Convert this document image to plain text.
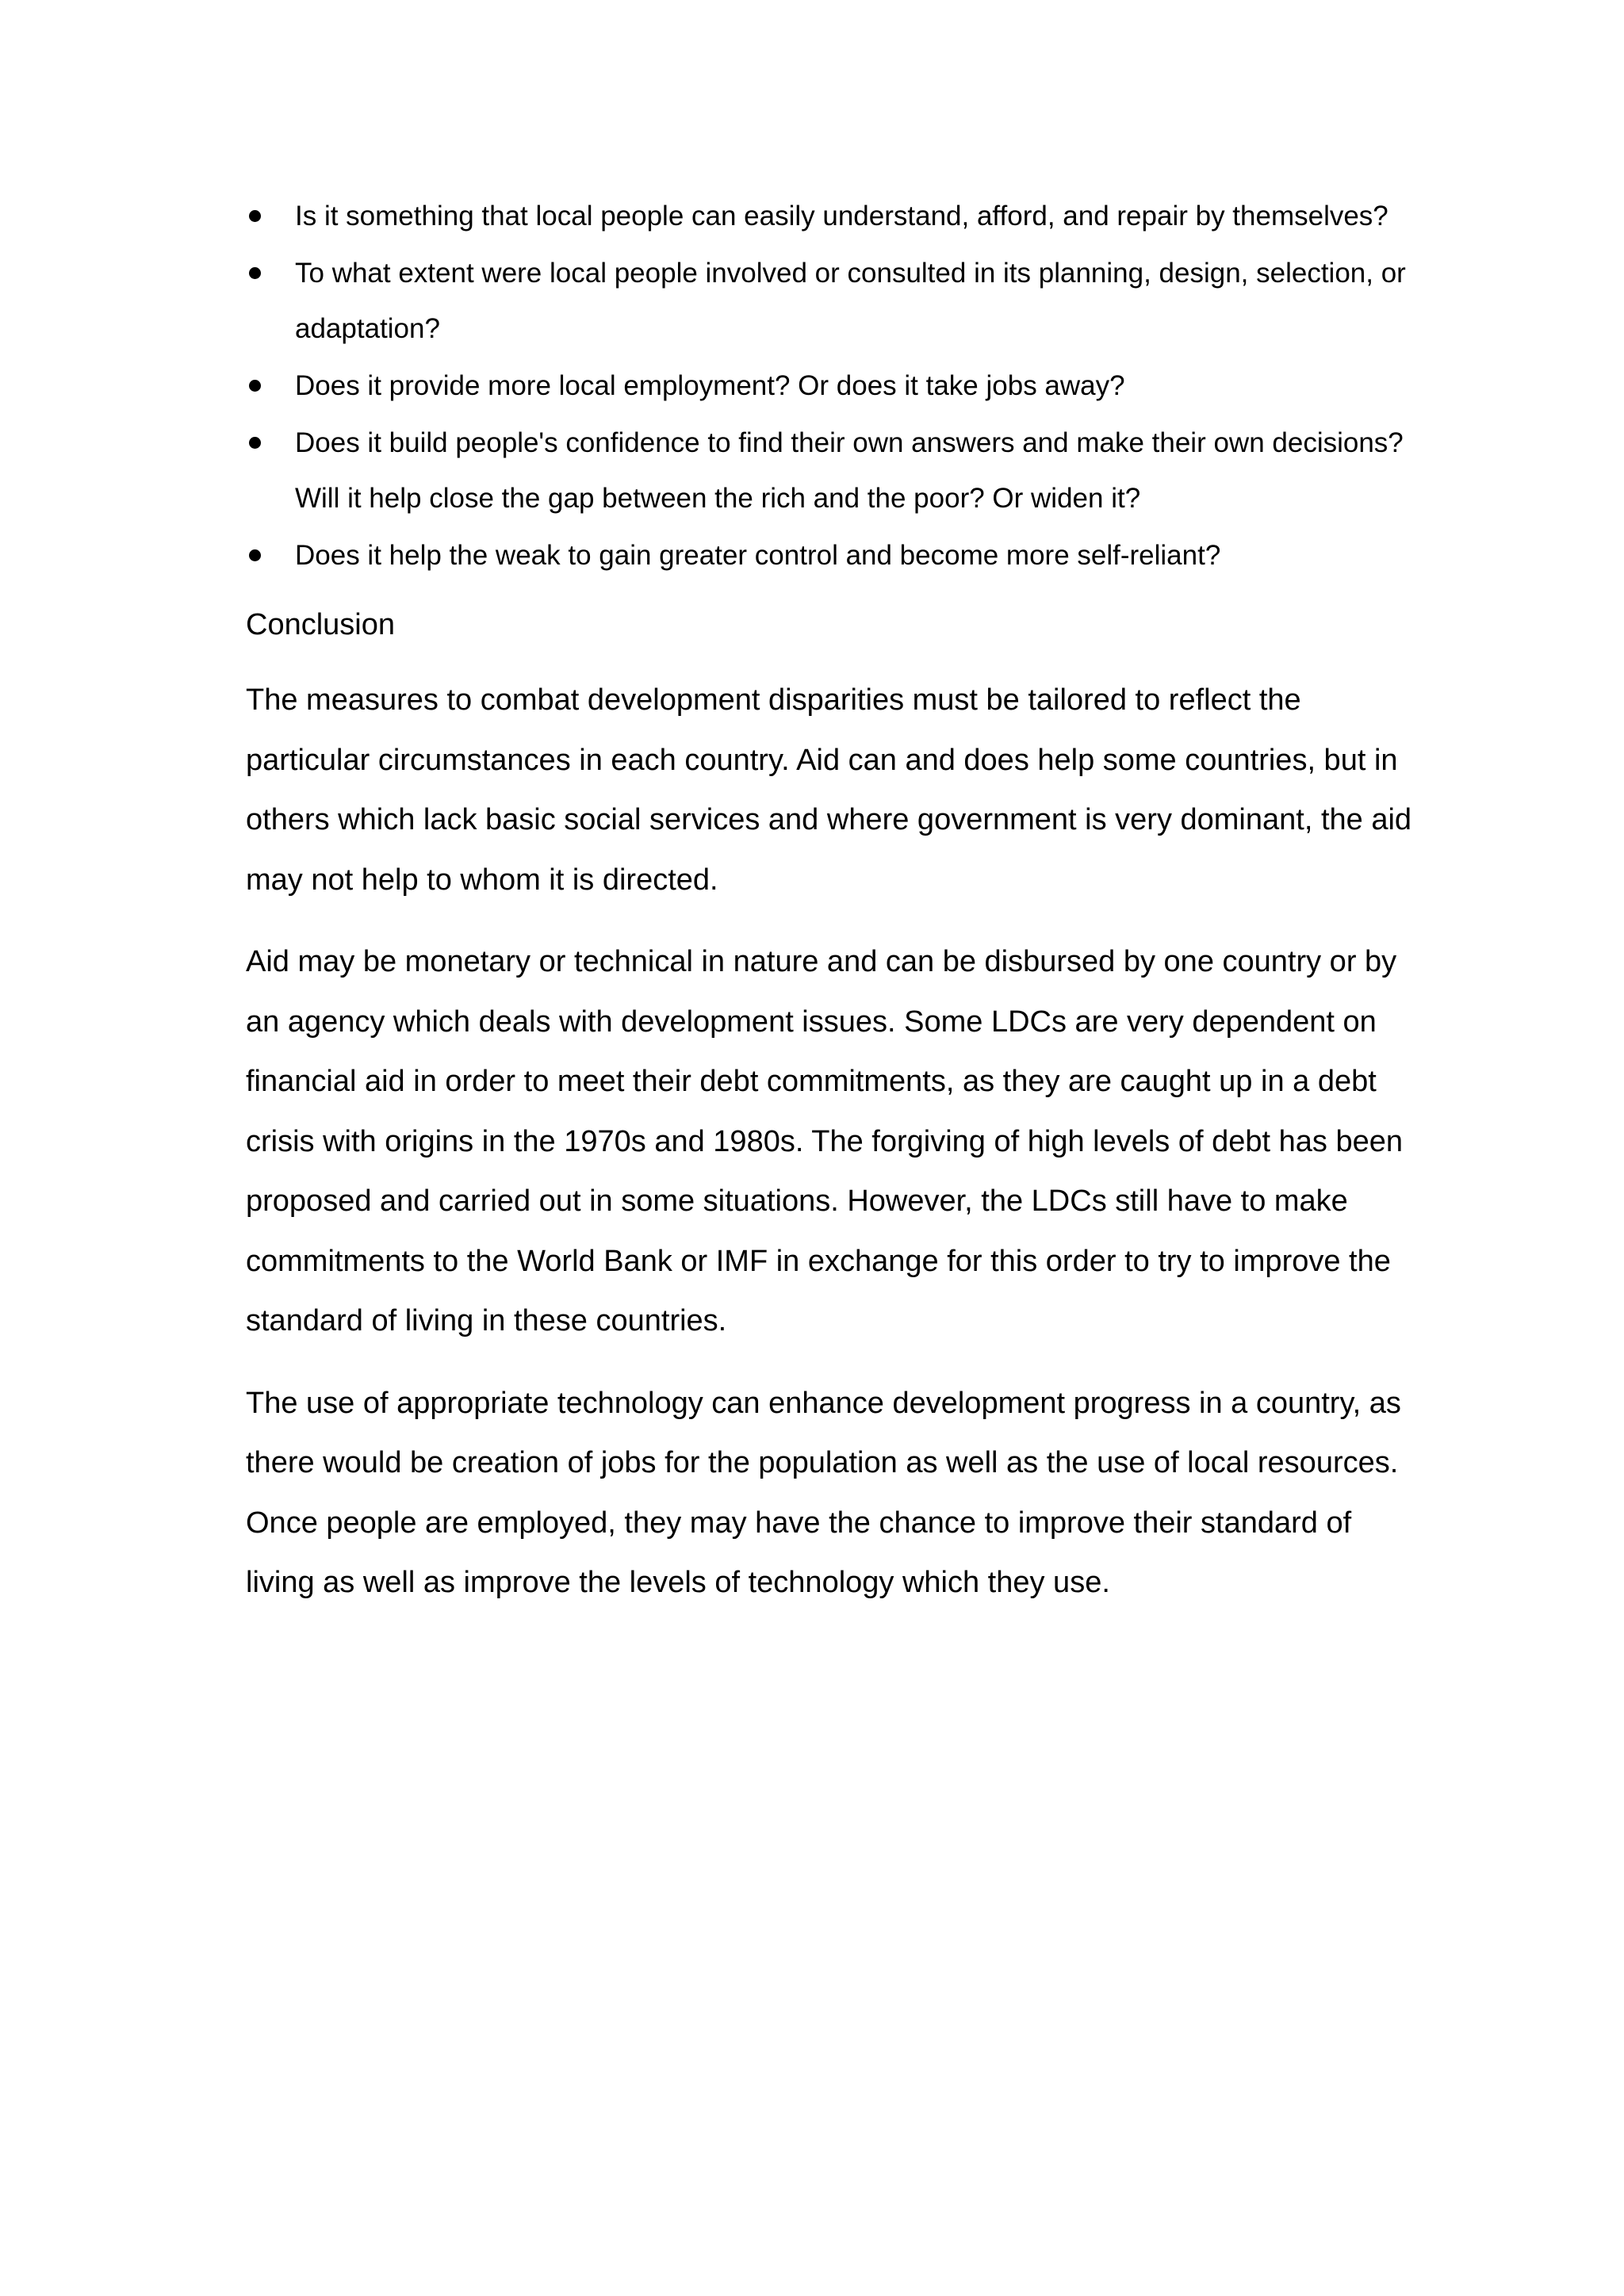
Is it something that local people can easily understand, afford, and repair by themselves?
To what extent were local people involved or consulted in its planning, design, selection, or adaptation?
Does it provide more local employment? Or does it take jobs away?
Does it build people's confidence to find their own answers and make their own decisions? Will it help close the gap between the rich and the poor? Or widen it?
Does it help the weak to gain greater control and become more self-reliant?
Conclusion

The measures to combat development disparities must be tailored to reflect the particular circumstances in each country. Aid can and does help some countries, but in others which lack basic social services and where government is very dominant, the aid may not help to whom it is directed.

Aid may be monetary or technical in nature and can be disbursed by one country or by an agency which deals with development issues. Some LDCs are very dependent on financial aid in order to meet their debt commitments, as they are caught up in a debt crisis with origins in the 1970s and 1980s. The forgiving of high levels of debt has been proposed and carried out in some situations. However, the LDCs still have to make commitments to the World Bank or IMF in exchange for this order to try to improve the standard of living in these countries.

The use of appropriate technology can enhance development progress in a country, as there would be creation of jobs for the population as well as the use of local resources. Once people are employed, they may have the chance to improve their standard of living as well as improve the levels of technology which they use.
